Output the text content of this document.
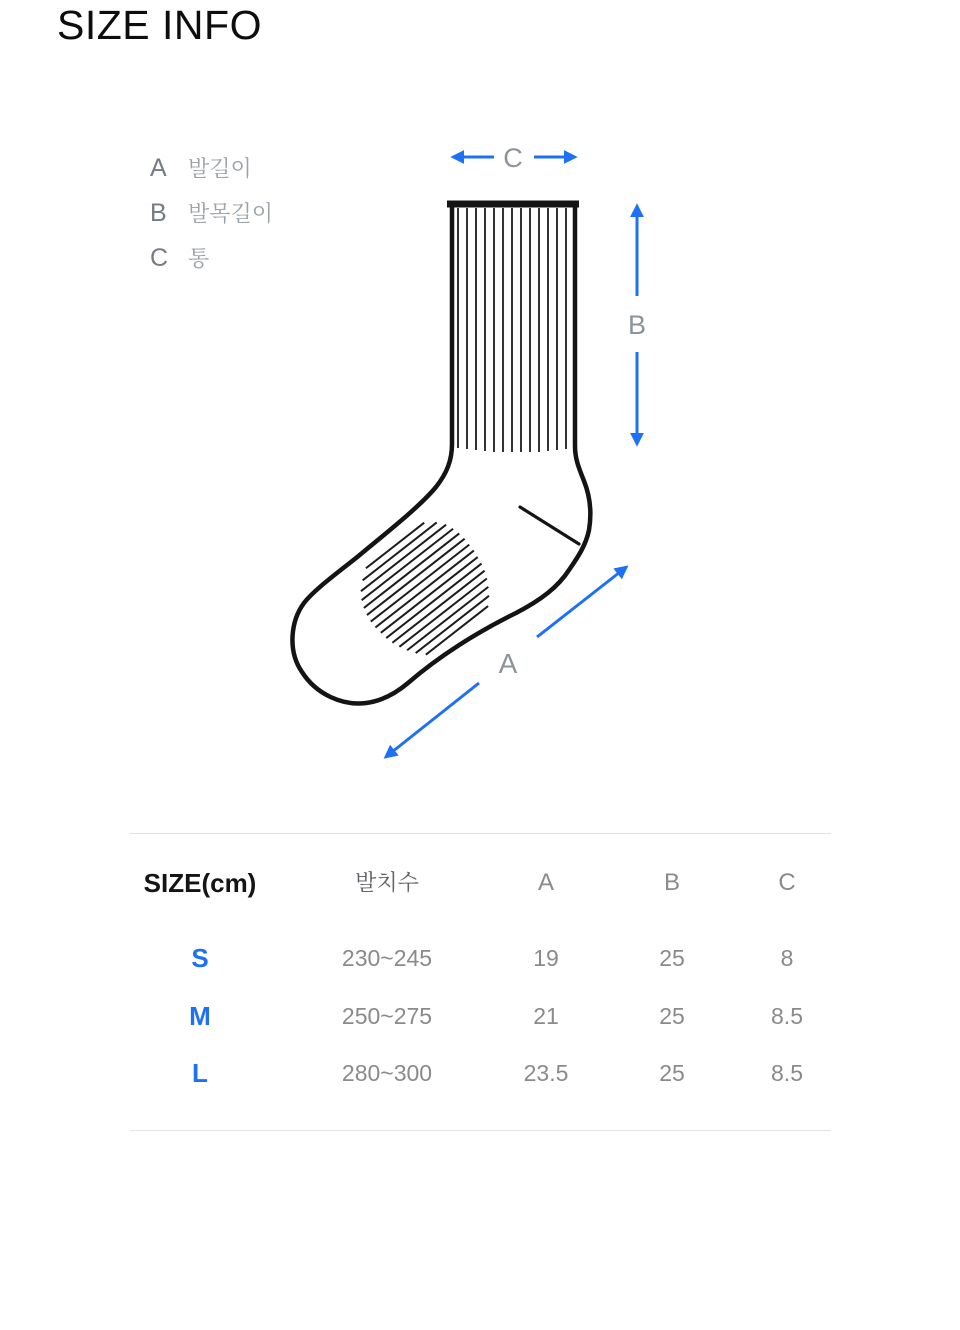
SIZE INFO
A 발길이
B 발목길이
C 통
C
B
A
SIZE(cm)	발치수	A	B	C
S	230~245	19	25	8
M	250~275	21	25	8.5
L	280~300	23.5	25	8.5
